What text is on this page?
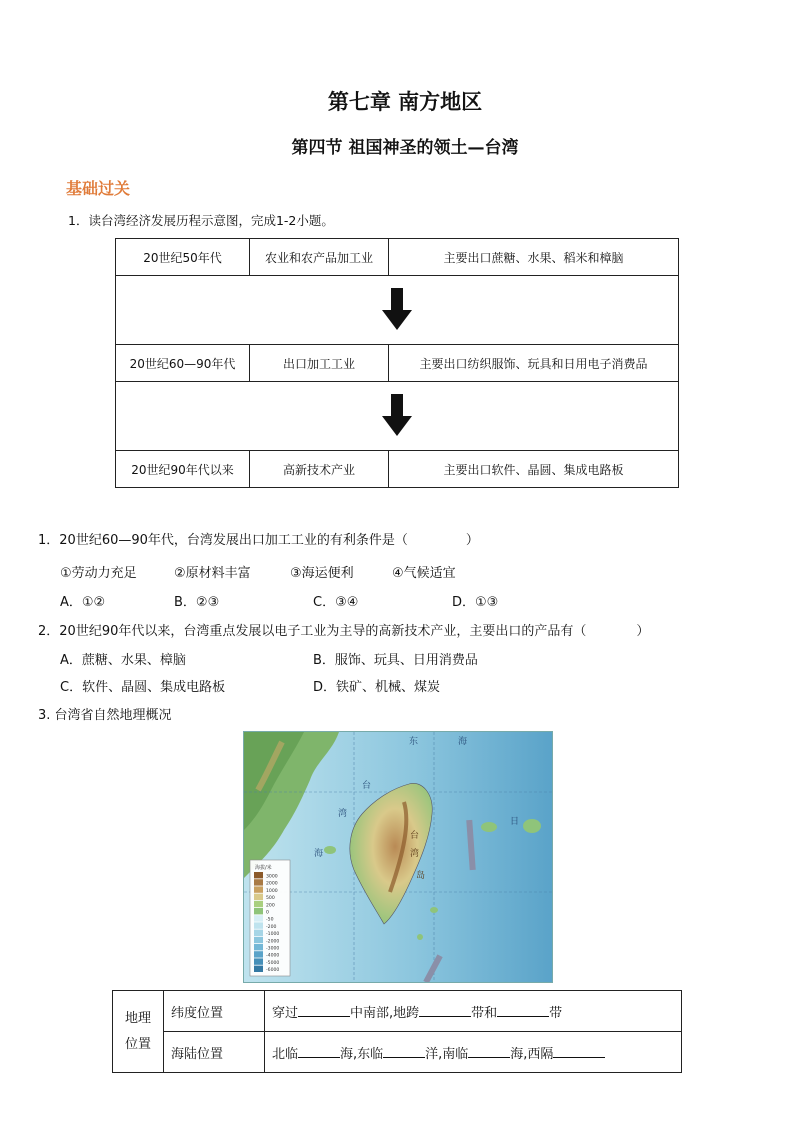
第七章 南方地区
第四节 祖国神圣的领土—台湾
基础过关
1．读台湾经济发展历程示意图，完成1-2小题。
20世纪50年代	农业和农产品加工业	主要出口蔗糖、水果、稻米和樟脑

20世纪60—90年代	出口加工工业	主要出口纺织服饰、玩具和日用电子消费品

20世纪90年代以来	高新技术产业	主要出口软件、晶圆、集成电路板
1．20世纪60—90年代，台湾发展出口加工工业的有利条件是（	）
①劳动力充足	②原材料丰富	③海运便利	④气候适宜
A．①②	B．②③	C．③④	D．①③
2．20世纪90年代以来，台湾重点发展以电子工业为主导的高新技术产业，主要出口的产品有（	）
A．蔗糖、水果、樟脑	B．服饰、玩具、日用消费品
C．软件、晶圆、集成电路板	D．铁矿、机械、煤炭
3. 台湾省自然地理概况
东	海
台
湾
海
日
台
湾
岛
海拔/米
3000
2000
1000
500
200
0
-50
-200
-1000
-2000
-3000
-4000
-5000
-6000
地理位置	纬度位置	穿过 中南部,地跨 带和 带
	海陆位置	北临 海,东临 洋,南临 海,西隔
